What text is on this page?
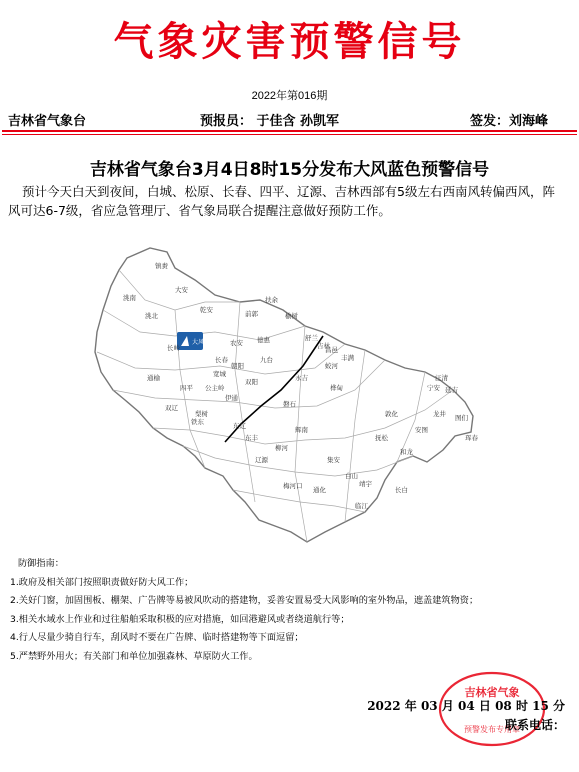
气象灾害预警信号
2022年第016期
吉林省气象台	预报员： 于佳含 孙凯军	签发：刘海峰
吉林省气象台3月4日8时15分发布大风蓝色预警信号
预计今天白天到夜间，白城、松原、长春、四平、辽源、吉林西部有5级左右西南风转偏西风，阵风可达6-7级，省应急管理厅、省气象局联合提醒注意做好预防工作。
大风
镇赉
洮南
洮北
大安
乾安	前郭
扶余
长岭
通榆
双辽
梨树
公主岭
伊通
农安 德惠
九台
榆树
舒兰
蛟河
桦甸
永吉
磐石
东丰
辽源
东辽
柳河
辉南
梅河口 通化
集安
临江
白山
抚松
长白
靖宇
敦化
安图
和龙
龙井
延吉
图们
珲春
汪清
宁安
吉林
长春
双阳
四平
铁东
宽城
朝阳
丰满
昌邑
防御指南：
1.政府及相关部门按照职责做好防大风工作；
2.关好门窗，加固围板、棚架、广告牌等易被风吹动的搭建物，妥善安置易受大风影响的室外物品，遮盖建筑物资；
3.相关水域水上作业和过往船舶采取积极的应对措施，如回港避风或者绕道航行等；
4.行人尽量少骑自行车，刮风时不要在广告牌、临时搭建物等下面逗留；
5.严禁野外用火；有关部门和单位加强森林、草原防火工作。
吉林省气象
预警发布专用章
2022 年 03 月 04 日 08 时 15 分
联系电话：
